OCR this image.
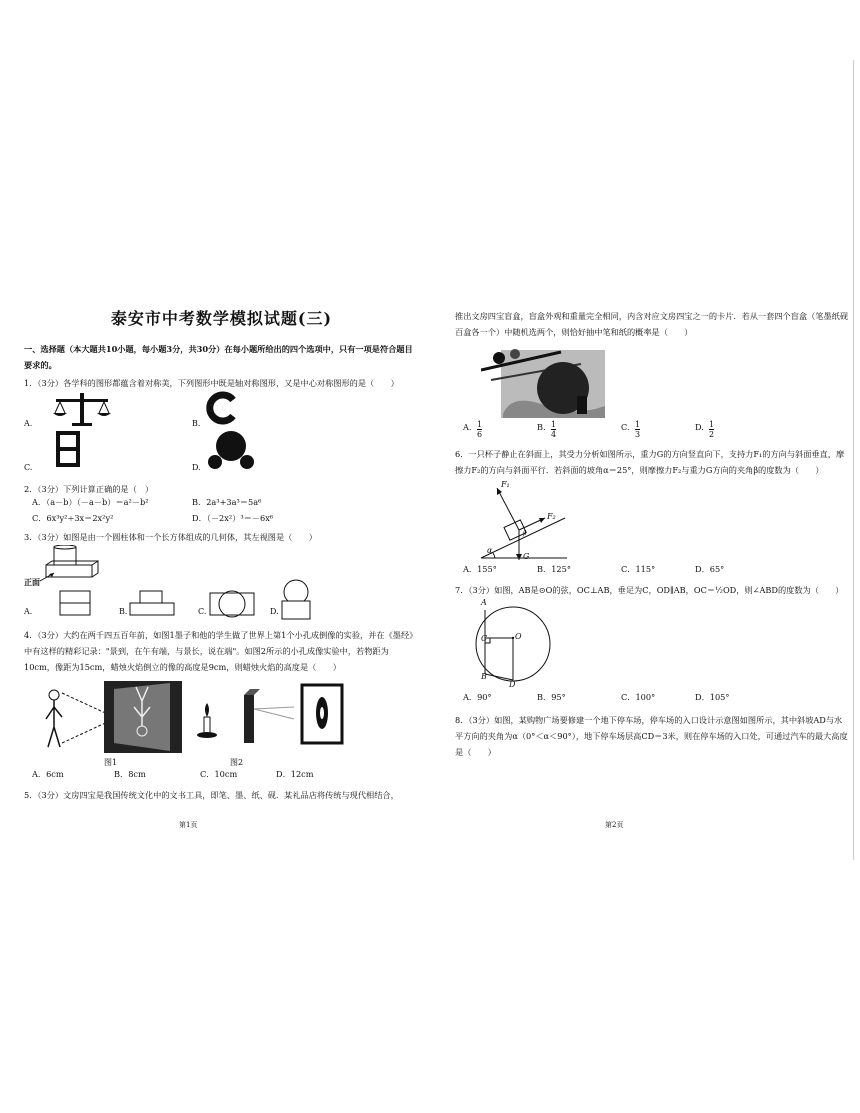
泰安市中考数学模拟试题(三)

一、选择题（本大题共10小题，每小题3分，共30分）在每小题所给出的四个选项中，只有一项是符合题目要求的。

1．（3分）各学科的图形都蕴含着对称美，下列图形中既是轴对称图形，又是中心对称图形的是（　　）

A.	B.
C.	D.

2．（3分）下列计算正确的是（　）

A．（a－b）（－a－b）＝a²－b²	B．2a³+3a³＝5a⁶
C．6x³y²÷3x＝2x²y²	D．（－2x²）³＝－6x⁶

3．（3分）如图是由一个圆柱体和一个长方体组成的几何体，其左视图是（　　）

正面
A.	B.	C.	D.

4．（3分）大约在两千四五百年前，如图1墨子和他的学生做了世界上第1个小孔成倒像的实验，并在《墨经》中有这样的精彩记录："景到，在午有端，与景长，说在端"。如图2所示的小孔成像实验中，若物距为10cm，像距为15cm，蜡烛火焰倒立的像的高度是9cm，则蜡烛火焰的高度是（　　）

图1	图2
A．6cm	B．8cm	C．10cm	D．12cm

5．（3分）文房四宝是我国传统文化中的文书工具，即笔、墨、纸、砚．某礼品店将传统与现代相结合，

第1页

推出文房四宝盲盒，盲盒外观和重量完全相同，内含对应文房四宝之一的卡片．若从一套四个盲盒（笔墨纸砚百盒各一个）中随机选两个，则恰好抽中笔和纸的概率是（　　）

A. $\frac{1}{6}$	B. $\frac{1}{4}$	C. $\frac{1}{3}$	D. $\frac{1}{2}$

6．一只杯子静止在斜面上，其受力分析如图所示，重力G的方向竖直向下，支持力F₁的方向与斜面垂直，摩擦力F₂的方向与斜面平行．若斜面的坡角α＝25°，则摩擦力F₂与重力G方向的夹角β的度数为（　　）

F₁
F₂
G
α
β
A．155°	B．125°	C．115°	D．65°

7．（3分）如图，AB是⊙O的弦，OC⊥AB，垂足为C，OD∥AB，OC＝½OD，则∠ABD的度数为（　　）

A
C	O
B
D
A．90°	B．95°	C．100°	D．105°

8．（3分）如图，某购物广场要修建一个地下停车场，停车场的入口设计示意图如图所示，其中斜坡AD与水平方向的夹角为α（0°＜α＜90°），地下停车场层高CD＝3米，则在停车场的入口处，可通过汽车的最大高度是（　　）

第2页
